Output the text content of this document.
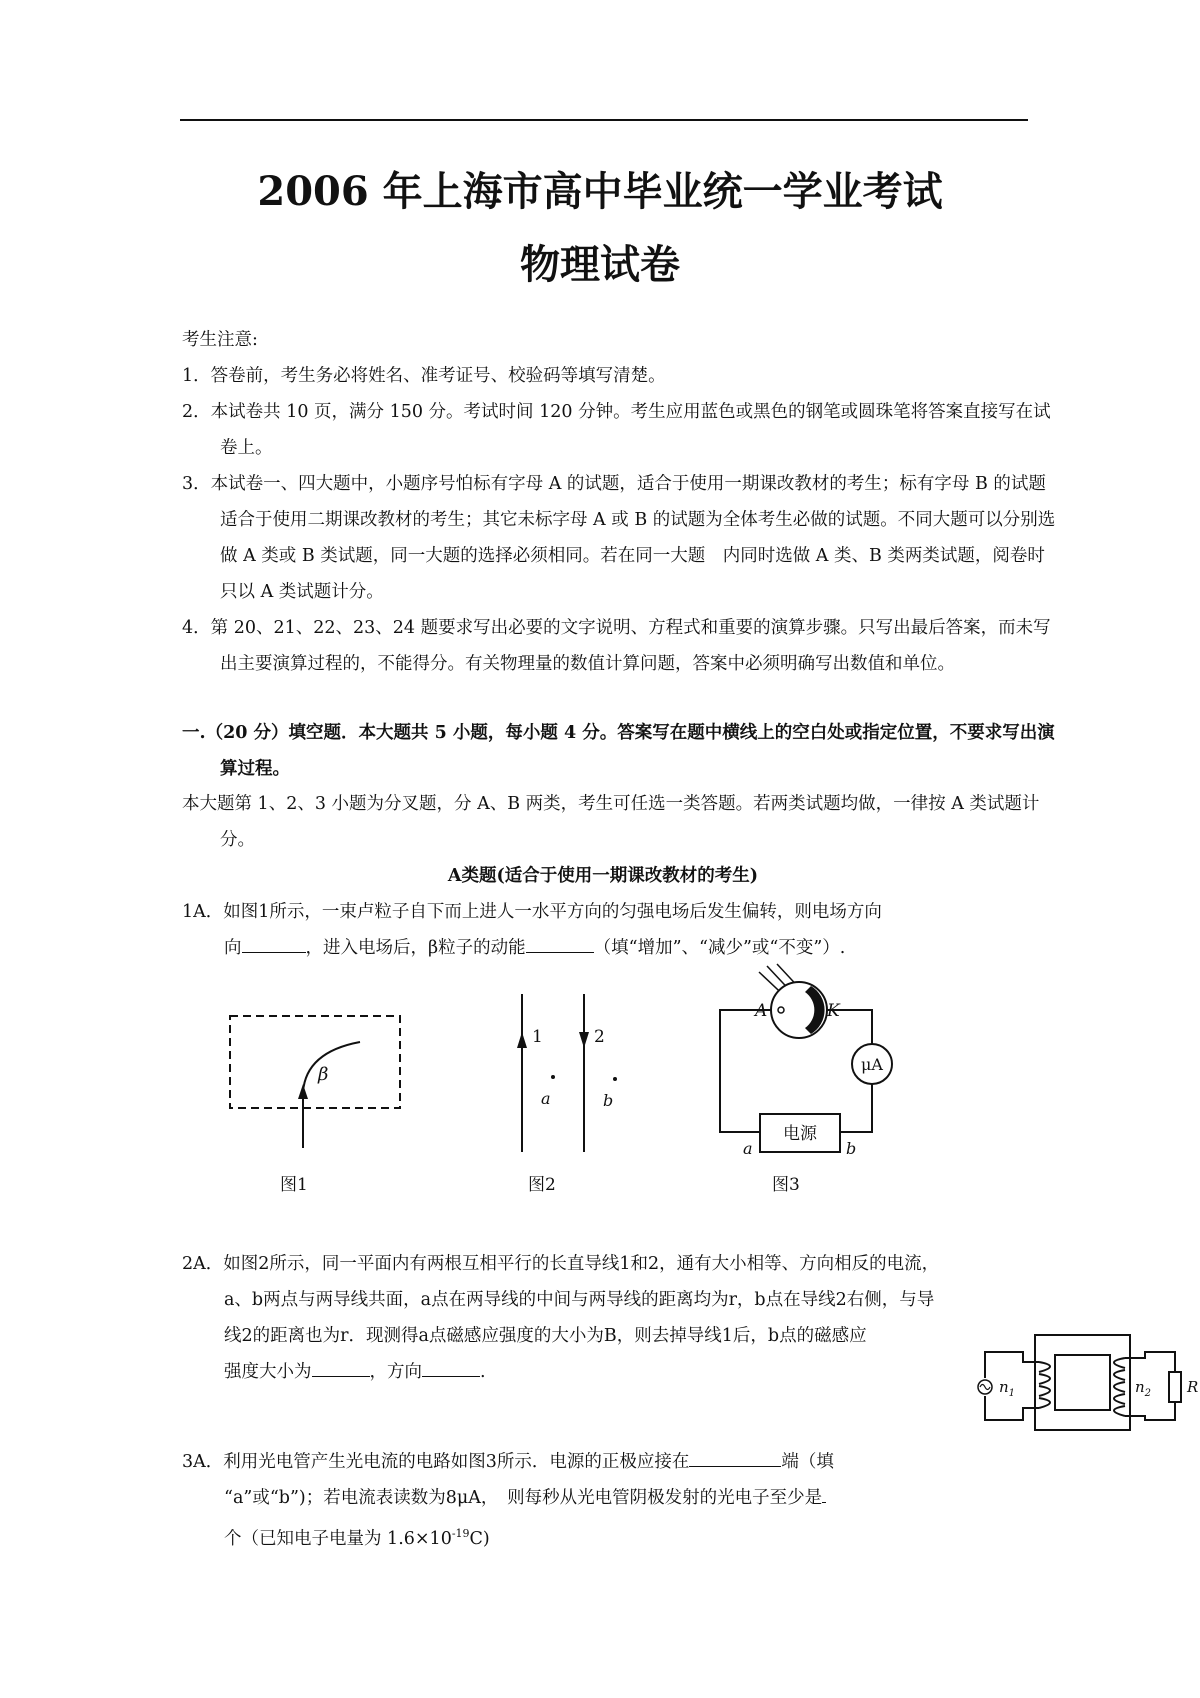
2006 年上海市高中毕业统一学业考试
物理试卷
考生注意:
1．答卷前，考生务必将姓名、准考证号、校验码等填写清楚。
2．本试卷共 10 页，满分 150 分。考试时间 120 分钟。考生应用蓝色或黑色的钢笔或圆珠笔将答案直接写在试卷上。
3．本试卷一、四大题中，小题序号怕标有字母 A 的试题，适合于使用一期课改教材的考生；标有字母 B 的试题适合于使用二期课改教材的考生；其它未标字母 A 或 B 的试题为全体考生必做的试题。不同大题可以分别选做 A 类或 B 类试题，同一大题的选择必须相同。若在同一大题　内同时选做 A 类、B 类两类试题，阅卷时只以 A 类试题计分。
4．第 20、21、22、23、24 题要求写出必要的文字说明、方程式和重要的演算步骤。只写出最后答案，而未写出主要演算过程的，不能得分。有关物理量的数值计算问题，答案中必须明确写出数值和单位。
一.（20 分）填空题．本大题共 5 小题，每小题 4 分。答案写在题中横线上的空白处或指定位置，不要求写出演算过程。
本大题第 1、2、3 小题为分叉题，分 A、B 两类，考生可任选一类答题。若两类试题均做，一律按 A 类试题计分。
A类题(适合于使用一期课改教材的考生)
1A．如图1所示，一束卢粒子自下而上进人一水平方向的匀强电场后发生偏转，则电场方向
向	，进入电场后，β粒子的动能	（填“增加”、“减少”或“不变”）.
β
图1
1	2
a	b
图2
A	K
μA
电源
a	b
图3
2A．如图2所示，同一平面内有两根互相平行的长直导线1和2，通有大小相等、方向相反的电流，
a、b两点与两导线共面，a点在两导线的中间与两导线的距离均为r，b点在导线2右侧，与导
线2的距离也为r．现测得a点磁感应强度的大小为B，则去掉导线1后，b点的磁感应
强度大小为	，方向	.
$n_1$	$n_2$ R
3A．利用光电管产生光电流的电路如图3所示．电源的正极应接在	端（填
“a”或“b”)；若电流表读数为8μA，　则每秒从光电管阴极发射的光电子至少是
个（已知电子电量为 $1.6\times 10^{-19}C$)
